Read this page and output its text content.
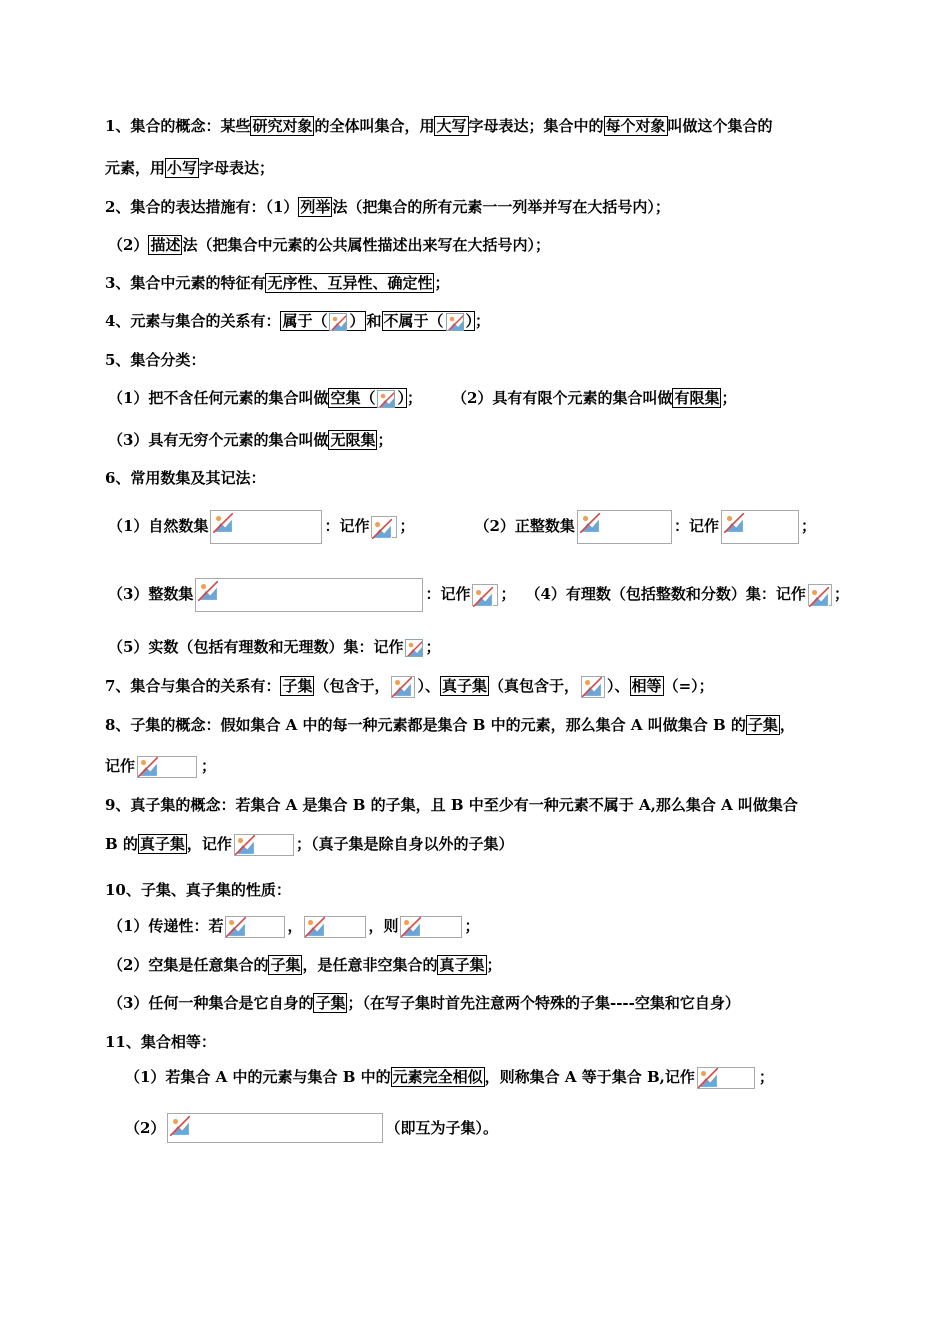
1、集合的概念：某些 研究对象 的全体叫集合，用 大写 字母表达；集合中的 每个对象 叫做这个集合的
元素，用 小写 字母表达；
2、集合的表达措施有：（1） 列举 法（把集合的所有元素一一列举并写在大括号内）；
（2） 描述 法（把集合中元素的公共属性描述出来写在大括号内）；
3、集合中元素的特征有 无序性、互异性、确定性 ；
4、元素与集合的关系有： 属于（ ） 和 不属于（ ） ；
5、集合分类：
（1）把不含任何元素的集合叫做 空集（ ） ； （2）具有有限个元素的集合叫做 有限集 ；
（3）具有无穷个元素的集合叫做 无限集 ；
6、常用数集及其记法：
（1）自然数集	：记作 ；	（2）正整数集	：记作	；
（3）整数集	：记作 ； （4）有理数（包括整数和分数）集：记作 ；
（5）实数（包括有理数和无理数）集：记作 ；
7、集合与集合的关系有： 子集 （包含于， ）、 真子集 （真包含于， ）、 相等 （=）；
8、子集的概念：假如集合 A 中的每一种元素都是集合 B 中的元素，那么集合 A 叫做集合 B 的 子集 ，
记作	；
9、真子集的概念：若集合 A 是集合 B 的子集，且 B 中至少有一种元素不属于 A,那么集合 A 叫做集合
B 的 真子集 ，记作	；（真子集是除自身以外的子集）
10、子集、真子集的性质：
（1）传递性：若	，	，则	；
（2）空集是任意集合的 子集 ，是任意非空集合的 真子集 ；
（3）任何一种集合是它自身的 子集 ；（在写子集时首先注意两个特殊的子集----空集和它自身）
11、集合相等：
（1）若集合 A 中的元素与集合 B 中的 元素完全相似 ，则称集合 A 等于集合 B,记作	；
（2）	（即互为子集）。
